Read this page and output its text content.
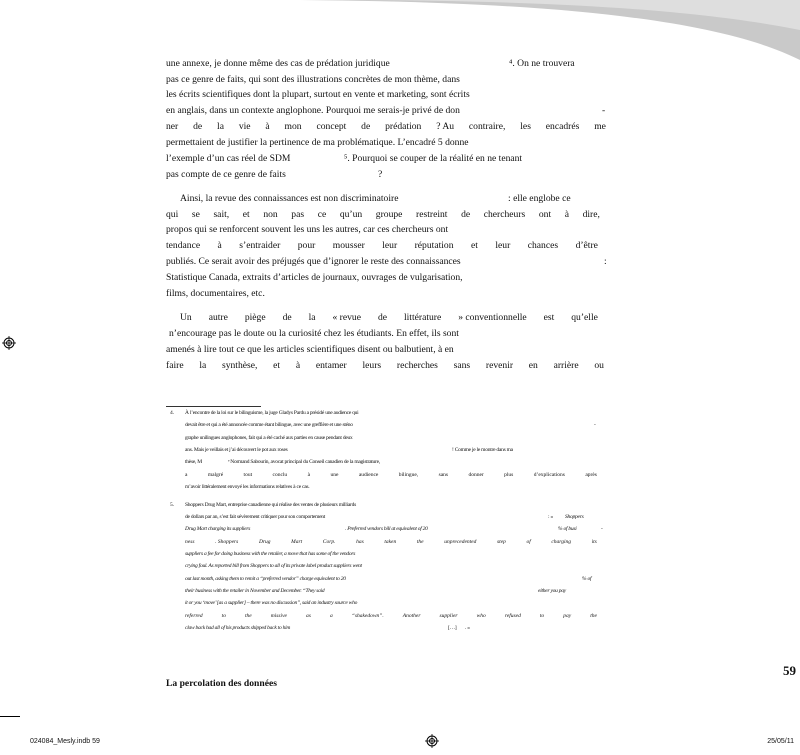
une annexe, je donne même des cas de prédation juridique	⁴. On ne trouvera
pas ce genre de faits, qui sont des illustrations concrètes de mon thème, dans
les écrits scientifiques dont la plupart, surtout en vente et marketing, sont écrits
en anglais, dans un contexte anglophone. Pourquoi me serais-je privé de don	-
ner de la vie à mon concept de prédation ? Au contraire, les encadrés me
permettaient de justifier la pertinence de ma problématique. L’encadré 5 donne
l’exemple d’un cas réel de SDM	⁵. Pourquoi se couper de la réalité en ne tenant
pas compte de ce genre de faits	?
Ainsi, la revue des connaissances est non discriminatoire	: elle englobe ce
qui se sait, et non pas ce qu’un groupe restreint de chercheurs ont à dire,
propos qui se renforcent souvent les uns les autres, car ces chercheurs ont
tendance à s’entraider pour mousser leur réputation et leur chances d’être
publiés. Ce serait avoir des préjugés que d’ignorer le reste des connaissances	:
Statistique Canada, extraits d’articles de journaux, ouvrages de vulgarisation,
films, documentaires, etc.
Un autre piège de la « revue de littérature » conventionnelle est qu’elle
n’encourage pas le doute ou la curiosité chez les étudiants. En effet, ils sont
amenés à lire tout ce que les articles scientifiques disent ou balbutient, à en
faire la synthèse, et à entamer leurs recherches sans revenir en arrière ou
4. À l’encontre de la loi sur le bilinguisme, la juge Gladys Pardu a présidé une audience qui
devait être et qui a été annoncée comme étant bilingue, avec une greffière et une sténo	-
graphe unilingues anglophones, fait qui a été caché aux parties en cause pendant deux
ans. Mais je veillais et j’ai découvert le pot aux roses	! Comme je le montre dans ma
thèse, M	ᵉ Normand Sabourin, avocat principal du Conseil canadien de la magistrature,
a	malgré	tout	conclu	à	une	audience	bilingue,	sans	donner	plus	d’explications	après
m’avoir littéralement envoyé les informations relatives à ce cas.
5. Shoppers Drug Mart, entreprise canadienne qui réalise des ventes de plusieurs milliards
de dollars par an, s’est fait sévèrement critiquer pour son comportement	: « Shoppers
Drug Mart charging its suppliers	. Preferred vendors bill at equivalent of 20	% of busi	-
ness	. Shoppers	Drug	Mart	Corp.	has	taken	the	unprecedented	step	of	charging	its
suppliers a fee for doing business with the retailer, a move that has some of the vendors
crying foul. As reported bill from Shoppers to all of its private label product suppliers went
out last month, asking them to remit a “preferred vendor” charge equivalent to 20	% of
their business with the retailer in November and December. “They said	either you pay
it or you ‘move’ [as a supplier] – there was no discussion”, said an industry source who
referred	to	the	missive	as	a	“shakedown”.	Another	supplier	who	refused	to	pay	the
claw back had all of his products shipped back to him	[…] . »
59
La percolation des données
024084_Mesly.indb 59	25/05/11
